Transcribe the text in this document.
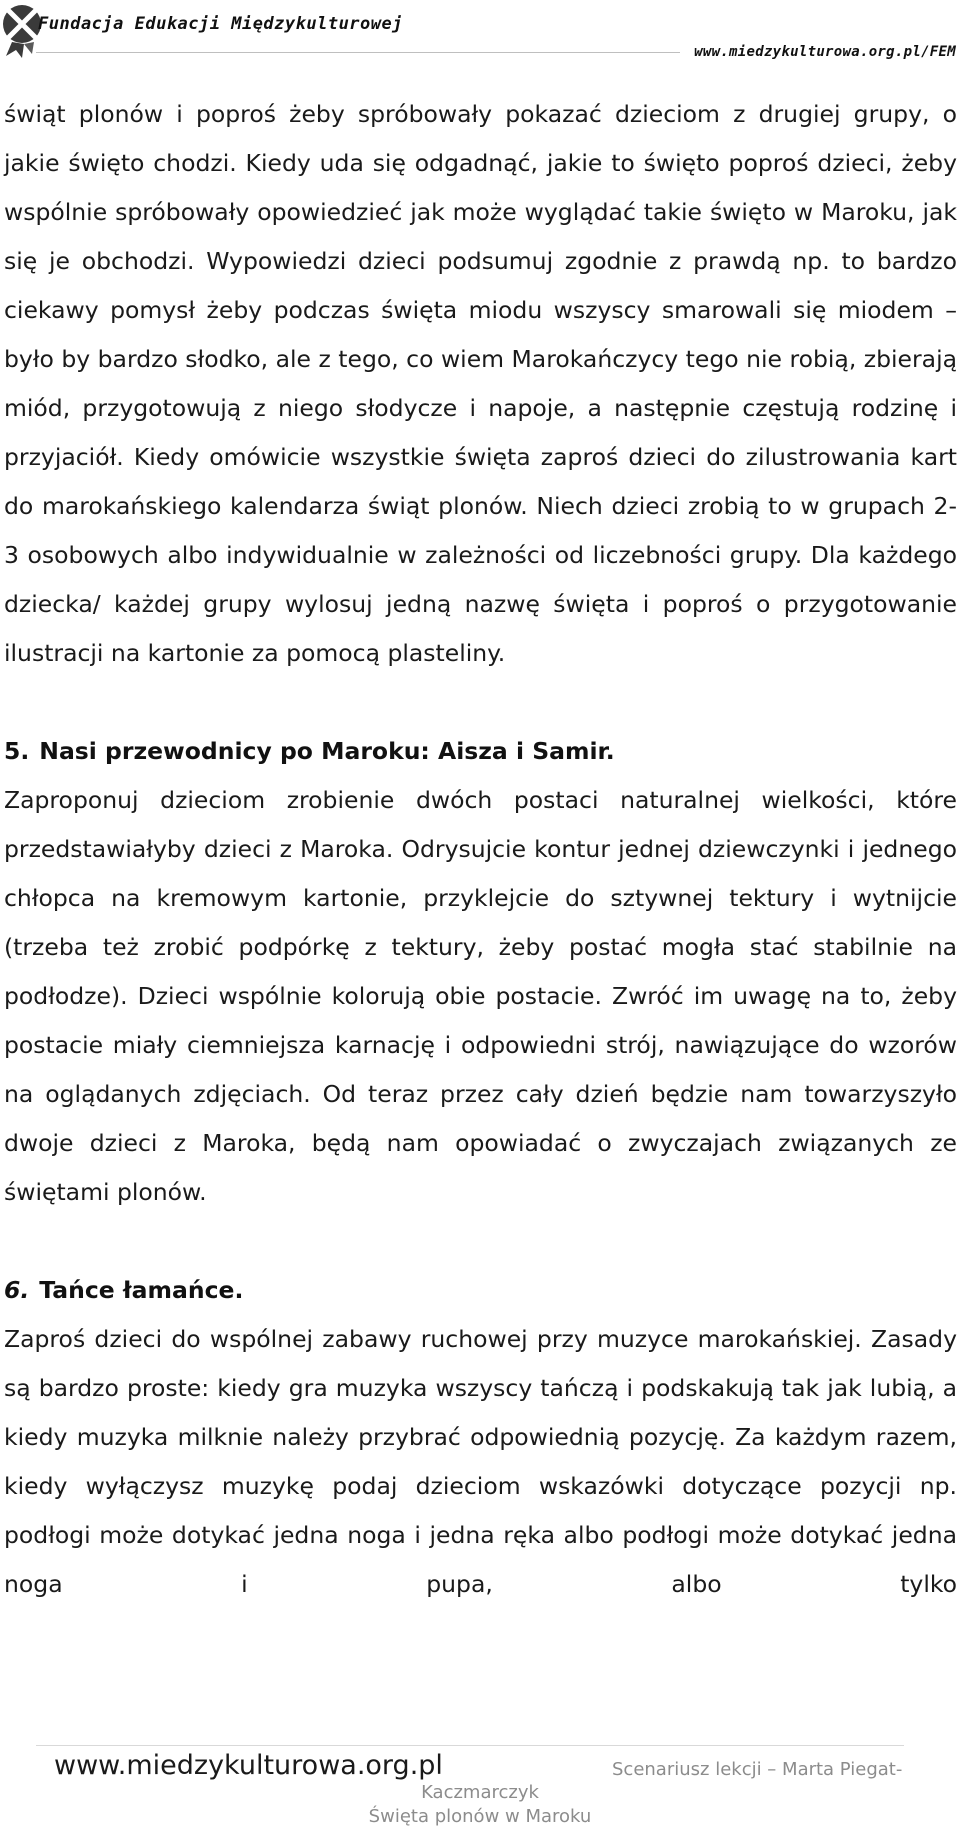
Fundacja Edukacji Międzykulturowej
www.miedzykulturowa.org.pl/FEM

świąt plonów i poproś żeby spróbowały pokazać dzieciom z drugiej grupy, o jakie święto chodzi. Kiedy uda się odgadnąć, jakie to święto poproś dzieci, żeby wspólnie spróbowały opowiedzieć jak może wyglądać takie święto w Maroku, jak się je obchodzi. Wypowiedzi dzieci podsumuj zgodnie z prawdą np. to bardzo ciekawy pomysł żeby podczas święta miodu wszyscy smarowali się miodem – było by bardzo słodko, ale z tego, co wiem Marokańczycy tego nie robią, zbierają miód, przygotowują z niego słodycze i napoje, a następnie częstują rodzinę i przyjaciół. Kiedy omówicie wszystkie święta zaproś dzieci do zilustrowania kart do marokańskiego kalendarza świąt plonów. Niech dzieci zrobią to w grupach 2-3 osobowych albo indywidualnie w zależności od liczebności grupy. Dla każdego dziecka/ każdej grupy wylosuj jedną nazwę święta i poproś o przygotowanie ilustracji na kartonie za pomocą plasteliny.

5. Nasi przewodnicy po Maroku: Aisza i Samir.

Zaproponuj dzieciom zrobienie dwóch postaci naturalnej wielkości, które przedstawiałyby dzieci z Maroka. Odrysujcie kontur jednej dziewczynki i jednego chłopca na kremowym kartonie, przyklejcie do sztywnej tektury i wytnijcie (trzeba też zrobić podpórkę z tektury, żeby postać mogła stać stabilnie na podłodze). Dzieci wspólnie kolorują obie postacie. Zwróć im uwagę na to, żeby postacie miały ciemniejsza karnację i odpowiedni strój, nawiązujące do wzorów na oglądanych zdjęciach. Od teraz przez cały dzień będzie nam towarzyszyło dwoje dzieci z Maroka, będą nam opowiadać o zwyczajach związanych ze świętami plonów.

6. Tańce łamańce.

Zaproś dzieci do wspólnej zabawy ruchowej przy muzyce marokańskiej. Zasady są bardzo proste: kiedy gra muzyka wszyscy tańczą i podskakują tak jak lubią, a kiedy muzyka milknie należy przybrać odpowiednią pozycję. Za każdym razem, kiedy wyłączysz muzykę podaj dzieciom wskazówki dotyczące pozycji np. podłogi może dotykać jedna noga i jedna ręka albo podłogi może dotykać jedna noga i pupa, albo tylko

www.miedzykulturowa.org.pl	Scenariusz lekcji – Marta Piegat-
Kaczmarczyk
Święta plonów w Maroku
